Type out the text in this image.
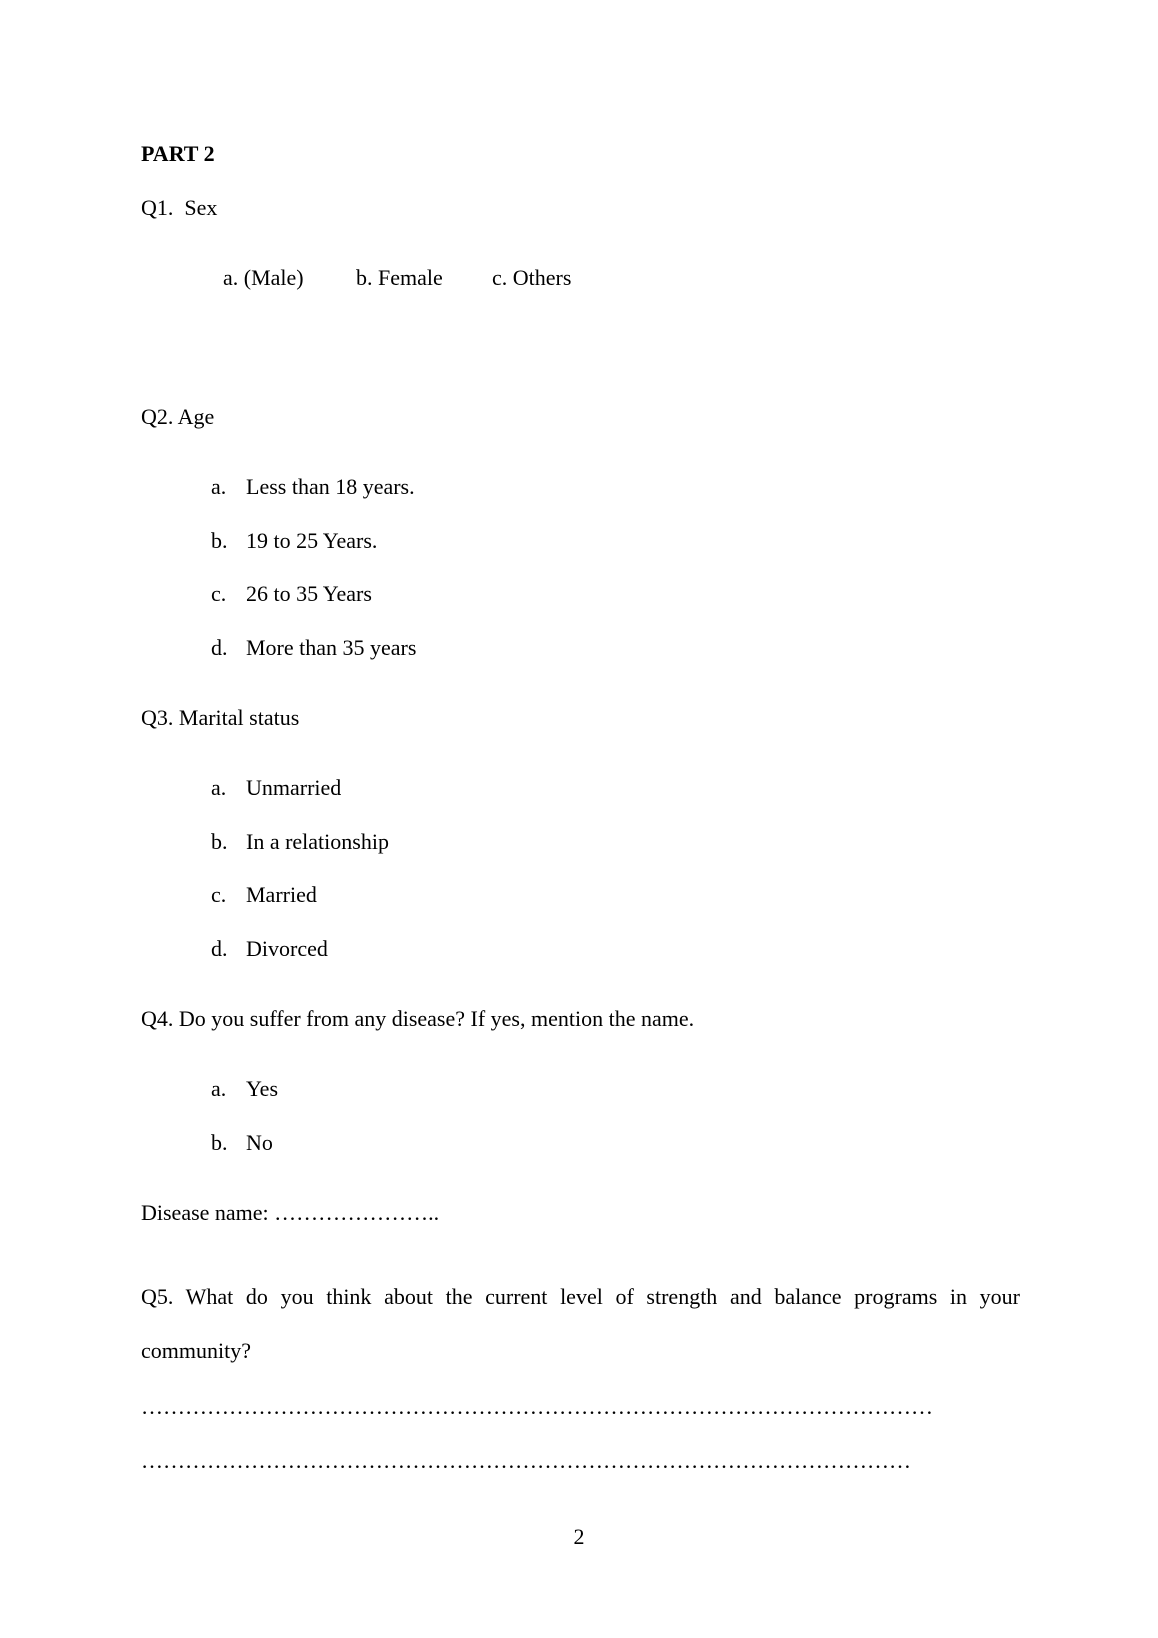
PART 2
Q1.  Sex
a. (Male) b. Female c. Others
Q2. Age
a. Less than 18 years.
b. 19 to 25 Years.
c. 26 to 35 Years
d. More than 35 years
Q3. Marital status
a. Unmarried
b. In a relationship
c. Married
d. Divorced
Q4. Do you suffer from any disease? If yes, mention the name.
a. Yes
b. No
Disease name: …………………..
Q5. What do you think about the current level of strength and balance programs in your community?
………………………………………………………………………………………………
……………………………………………………………………………………………
2
